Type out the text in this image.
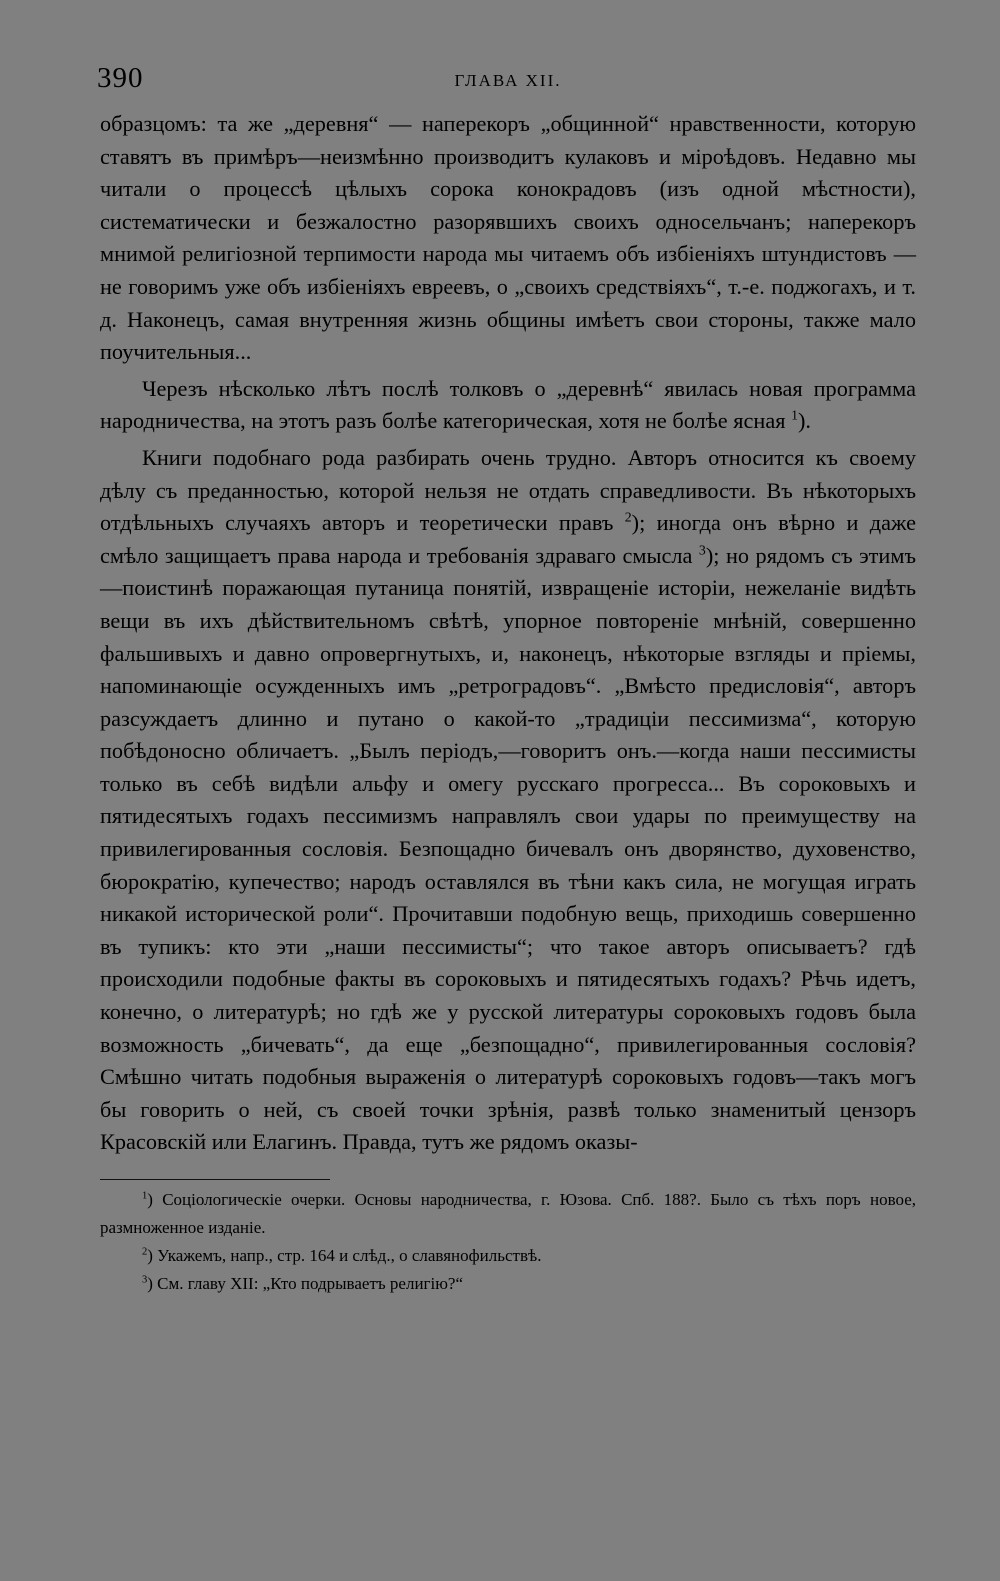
390	ГЛАВА XII.

образцомъ: та же „деревня“ — наперекоръ „общинной“ нравственности, которую ставятъ въ примѣръ—неизмѣнно производитъ кулаковъ и міроѣдовъ. Недавно мы читали о процессѣ цѣлыхъ сорока конокрадовъ (изъ одной мѣстности), систематически и безжалостно разорявшихъ своихъ односельчанъ; наперекоръ мнимой религіозной терпимости народа мы читаемъ объ избіеніяхъ штундистовъ — не говоримъ уже объ избіеніяхъ евреевъ, о „своихъ средствіяхъ“, т.-е. поджогахъ, и т. д. Наконецъ, самая внутренняя жизнь общины имѣетъ свои стороны, также мало поучительныя...

Черезъ нѣсколько лѣтъ послѣ толковъ о „деревнѣ“ явилась новая программа народничества, на этотъ разъ болѣе категорическая, хотя не болѣе ясная $^1$).

Книги подобнаго рода разбирать очень трудно. Авторъ относится къ своему дѣлу съ преданностью, которой нельзя не отдать справедливости. Въ нѣкоторыхъ отдѣльныхъ случаяхъ авторъ и теоретически правъ $^2$); иногда онъ вѣрно и даже смѣло защищаетъ права народа и требованія здраваго смысла $^3$); но рядомъ съ этимъ—поистинѣ поражающая путаница понятій, извращеніе исторіи, нежеланіе видѣть вещи въ ихъ дѣйствительномъ свѣтѣ, упорное повтореніе мнѣній, совершенно фальшивыхъ и давно опровергнутыхъ, и, наконецъ, нѣкоторые взгляды и пріемы, напоминающіе осужденныхъ имъ „ретроградовъ“. „Вмѣсто предисловія“, авторъ разсуждаетъ длинно и путано о какой-то „традиціи пессимизма“, которую побѣдоносно обличаетъ. „Былъ періодъ,—говоритъ онъ.—когда наши пессимисты только въ себѣ видѣли альфу и омегу русскаго прогресса... Въ сороковыхъ и пятидесятыхъ годахъ пессимизмъ направлялъ свои удары по преимуществу на привилегированныя сословія. Безпощадно бичевалъ онъ дворянство, духовенство, бюрократію, купечество; народъ оставлялся въ тѣни какъ сила, не могущая играть никакой исторической роли“. Прочитавши подобную вещь, приходишь совершенно въ тупикъ: кто эти „наши пессимисты“; что такое авторъ описываетъ? гдѣ происходили подобные факты въ сороковыхъ и пятидесятыхъ годахъ? Рѣчь идетъ, конечно, о литературѣ; но гдѣ же у русской литературы сороковыхъ годовъ была возможность „бичевать“, да еще „безпощадно“, привилегированныя сословія? Смѣшно читать подобныя выраженія о литературѣ сороковыхъ годовъ—такъ могъ бы говорить о ней, съ своей точки зрѣнія, развѣ только знаменитый цензоръ Красовскій или Елагинъ. Правда, тутъ же рядомъ оказы-

$^1$) Соціологическіе очерки. Основы народничества, г. Юзова. Спб. 188?. Было съ тѣхъ поръ новое, размноженное изданіе.

$^2$) Укажемъ, напр., стр. 164 и слѣд., о славянофильствѣ.

$^3$) См. главу XII: „Кто подрываетъ религію?“
